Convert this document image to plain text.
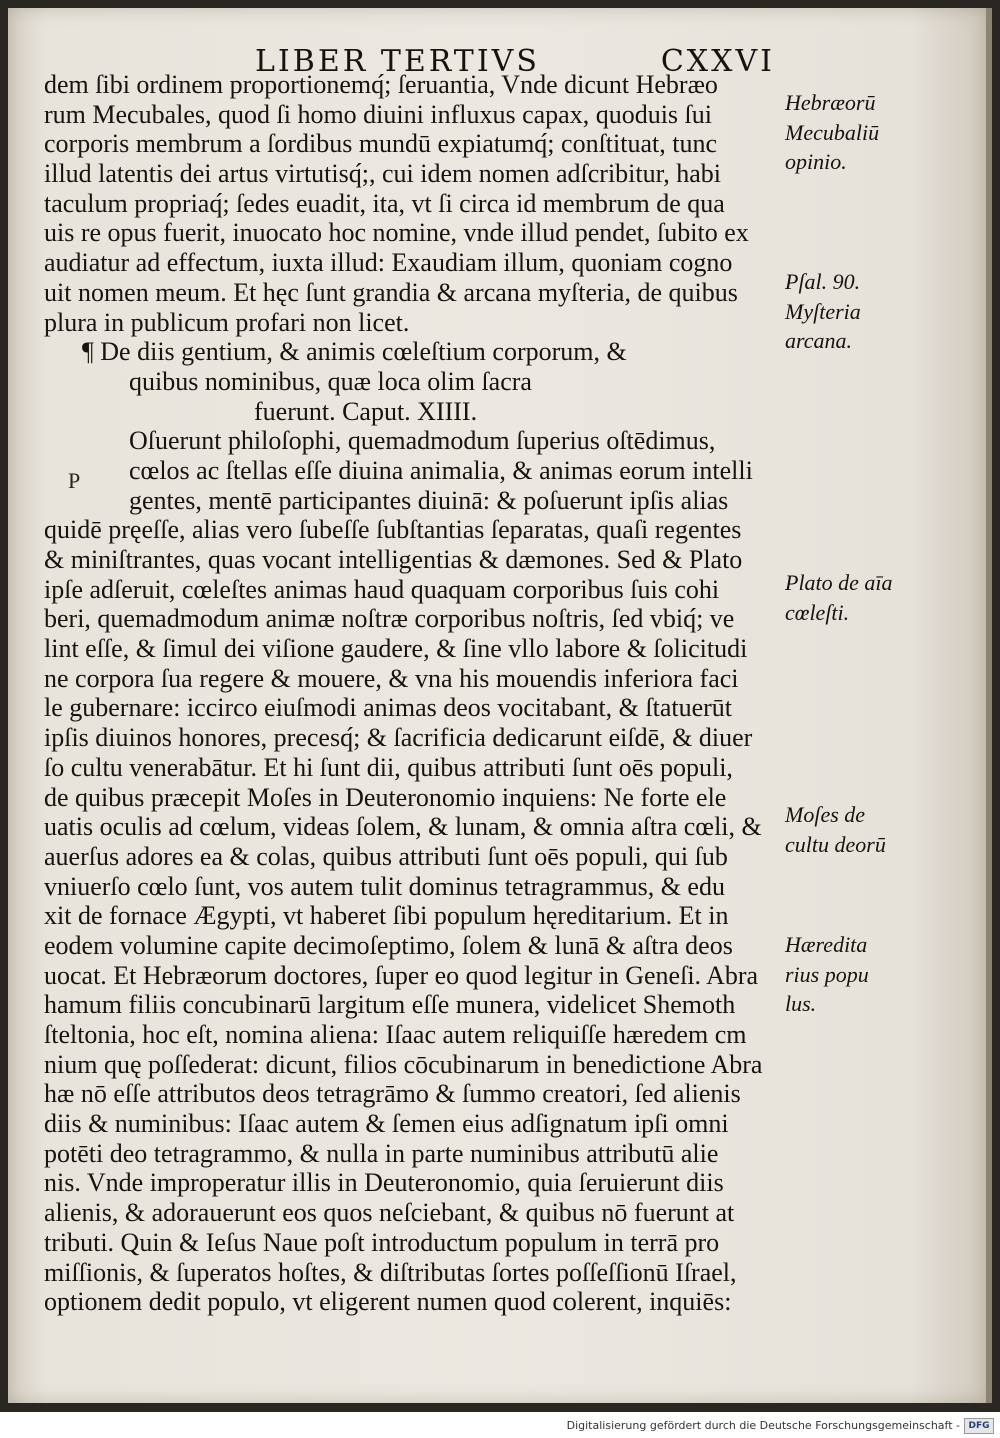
LIBER TERTIVS	CXXVI
dem ſibi ordinem proportionemq́; ſeruantia, Vnde dicunt Hebræo
rum Mecubales, quod ſi homo diuini influxus capax, quoduis ſui
corporis membrum a ſordibus mundū expiatumq́; conſtituat, tunc
illud latentis dei artus virtutisq́;, cui idem nomen adſcribitur, habi
taculum propriaq́; ſedes euadit, ita, vt ſi circa id membrum de qua
uis re opus fuerit, inuocato hoc nomine, vnde illud pendet, ſubito ex
audiatur ad effectum, iuxta illud: Exaudiam illum, quoniam cogno
uit nomen meum. Et hęc ſunt grandia & arcana myſteria, de quibus
plura in publicum profari non licet.
¶ De diis gentium, & animis cœleſtium corporum, &
quibus nominibus, quæ loca olim ſacra
fuerunt. Caput. XIIII.
Oſuerunt philoſophi, quemadmodum ſuperius oſtēdimus,
cœlos ac ſtellas eſſe diuina animalia, & animas eorum intelli
gentes, mentē participantes diuinā: & poſuerunt ipſis alias
quidē pręeſſe, alias vero ſubeſſe ſubſtantias ſeparatas, quaſi regentes
& miniſtrantes, quas vocant intelligentias & dæmones. Sed & Plato
ipſe adſeruit, cœleſtes animas haud quaquam corporibus ſuis cohi
beri, quemadmodum animæ noſtræ corporibus noſtris, ſed vbiq́; ve
lint eſſe, & ſimul dei viſione gaudere, & ſine vllo labore & ſolicitudi
ne corpora ſua regere & mouere, & vna his mouendis inferiora faci
le gubernare: iccirco eiuſmodi animas deos vocitabant, & ſtatuerūt
ipſis diuinos honores, precesq́; & ſacrificia dedicarunt eiſdē, & diuer
ſo cultu venerabātur. Et hi ſunt dii, quibus attributi ſunt oēs populi,
de quibus præcepit Moſes in Deuteronomio inquiens: Ne forte ele
uatis oculis ad cœlum, videas ſolem, & lunam, & omnia aſtra cœli, &
auerſus adores ea & colas, quibus attributi ſunt oēs populi, qui ſub
vniuerſo cœlo ſunt, vos autem tulit dominus tetragrammus, & edu
xit de fornace Ægypti, vt haberet ſibi populum hęreditarium. Et in
eodem volumine capite decimoſeptimo, ſolem & lunā & aſtra deos
uocat. Et Hebræorum doctores, ſuper eo quod legitur in Geneſi. Abra
hamum filiis concubinarū largitum eſſe munera, videlicet Shemoth
ſteltonia, hoc eſt, nomina aliena: Iſaac autem reliquiſſe hæredem cm
nium quę poſſederat: dicunt, filios cōcubinarum in benedictione Abra
hæ nō eſſe attributos deos tetragrāmo & ſummo creatori, ſed alienis
diis & numinibus: Iſaac autem & ſemen eius adſignatum ipſi omni
potēti deo tetragrammo, & nulla in parte numinibus attributū alie
nis. Vnde improperatur illis in Deuteronomio, quia ſeruierunt diis
alienis, & adorauerunt eos quos neſciebant, & quibus nō fuerunt at
tributi. Quin & Ieſus Naue poſt introductum populum in terrā pro
miſſionis, & ſuperatos hoſtes, & diſtributas ſortes poſſeſſionū Iſrael,
optionem dedit populo, vt eligerent numen quod colerent, inquiēs:
P
Hebræorū
Mecubaliū
opinio.
Pſal. 90.
Myſteria
arcana.
Plato de aīa
cœleſti.
Moſes de
cultu deorū
Hæredita
rius popu
lus.
Digitalisierung gefördert durch die Deutsche Forschungsgemeinschaft - DFG
